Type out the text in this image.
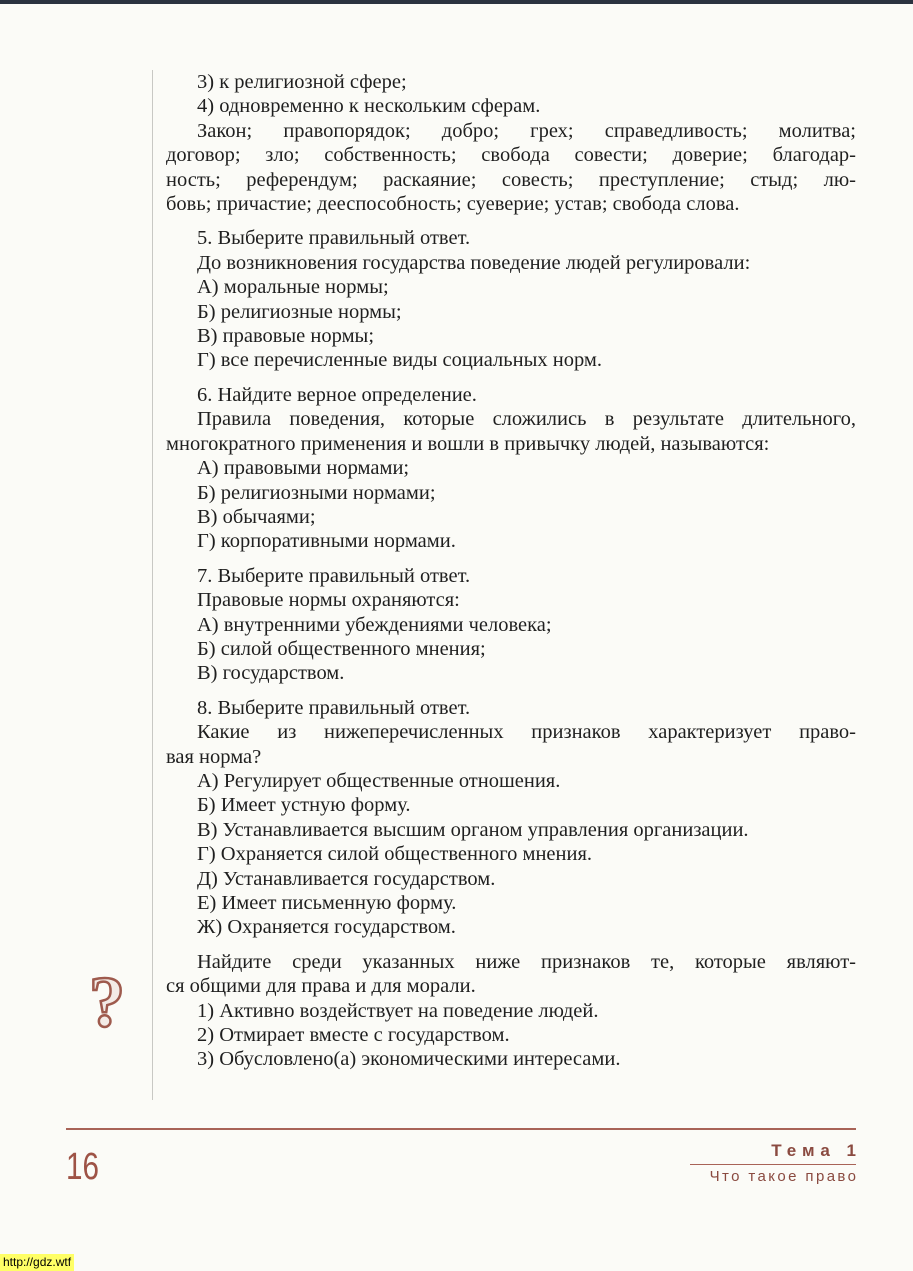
3) к религиозной сфере;

4) одновременно к нескольким сферам.

Закон; правопорядок; добро; грех; справедливость; молитва;

договор; зло; собственность; свобода совести; доверие; благодар-

ность; референдум; раскаяние; совесть; преступление; стыд; лю-

бовь; причастие; дееспособность; суеверие; устав; свобода слова.

5. Выберите правильный ответ.

До возникновения государства поведение людей регулировали:

А) моральные нормы;

Б) религиозные нормы;

В) правовые нормы;

Г) все перечисленные виды социальных норм.

6. Найдите верное определение.

Правила поведения, которые сложились в результате длительного,

многократного применения и вошли в привычку людей, называются:

А) правовыми нормами;

Б) религиозными нормами;

В) обычаями;

Г) корпоративными нормами.

7. Выберите правильный ответ.

Правовые нормы охраняются:

А) внутренними убеждениями человека;

Б) силой общественного мнения;

В) государством.

8. Выберите правильный ответ.

Какие из нижеперечисленных признаков характеризует право-

вая норма?

А) Регулирует общественные отношения.

Б) Имеет устную форму.

В) Устанавливается высшим органом управления организации.

Г) Охраняется силой общественного мнения.

Д) Устанавливается государством.

Е) Имеет письменную форму.

Ж) Охраняется государством.

Найдите среди указанных ниже признаков те, которые являют-

ся общими для права и для морали.

1) Активно воздействует на поведение людей.

2) Отмирает вместе с государством.

3) Обусловлено(а) экономическими интересами.

?
16	Тема 1
Что такое право
http://gdz.wtf
